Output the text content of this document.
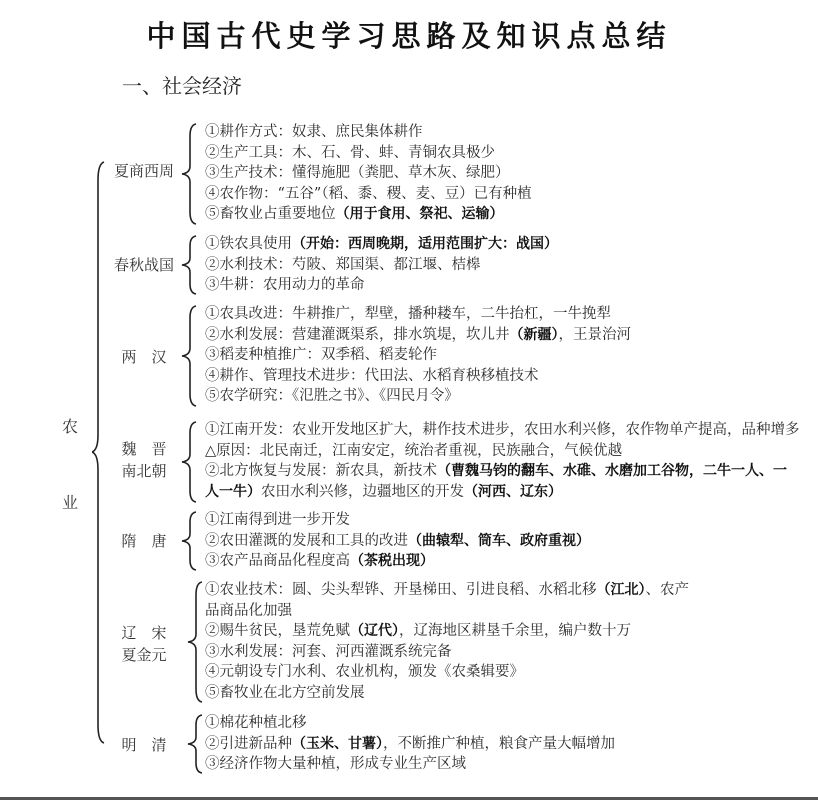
中国古代史学习思路及知识点总结
一、社会经济
农
业
夏商西周
①耕作方式：奴隶、庶民集体耕作
②生产工具：木、石、骨、蚌、青铜农具极少
③生产技术：懂得施肥（粪肥、草木灰、绿肥）
④农作物：“五谷”（稻、黍、稷、麦、豆）已有种植
⑤畜牧业占重要地位（用于食用、祭祀、运输）
春秋战国
①铁农具使用（开始：西周晚期，适用范围扩大：战国）
②水利技术：芍陂、郑国渠、都江堰、桔槔
③牛耕：农用动力的革命
两　汉
①农具改进：牛耕推广，犁壁，播种耧车，二牛抬杠，一牛挽犁
②水利发展：营建灌溉渠系，排水筑堤，坎儿井（新疆），王景治河
③稻麦种植推广：双季稻、稻麦轮作
④耕作、管理技术进步：代田法、水稻育秧移植技术
⑤农学研究：《氾胜之书》、《四民月令》
魏　晋
南北朝
①江南开发：农业开发地区扩大，耕作技术进步，农田水利兴修，农作物单产提高，品种增多
△原因：北民南迁，江南安定，统治者重视，民族融合，气候优越
②北方恢复与发展：新农具，新技术（曹魏马钧的翻车、水碓、水磨加工谷物，二牛一人、一
人一牛）农田水利兴修，边疆地区的开发（河西、辽东）
隋　唐
①江南得到进一步开发
②农田灌溉的发展和工具的改进（曲辕犁、筒车、政府重视）
③农产品商品化程度高（茶税出现）
辽　宋
夏金元
①农业技术：圆、尖头犁铧、开垦梯田、引进良稻、水稻北移（江北）、农产
品商品化加强
②赐牛贫民，垦荒免赋（辽代），辽海地区耕垦千余里，编户数十万
③水利发展：河套、河西灌溉系统完备
④元朝设专门水利、农业机构，颁发《农桑辑要》
⑤畜牧业在北方空前发展
明　清
①棉花种植北移
②引进新品种（玉米、甘薯），不断推广种植，粮食产量大幅增加
③经济作物大量种植，形成专业生产区域
